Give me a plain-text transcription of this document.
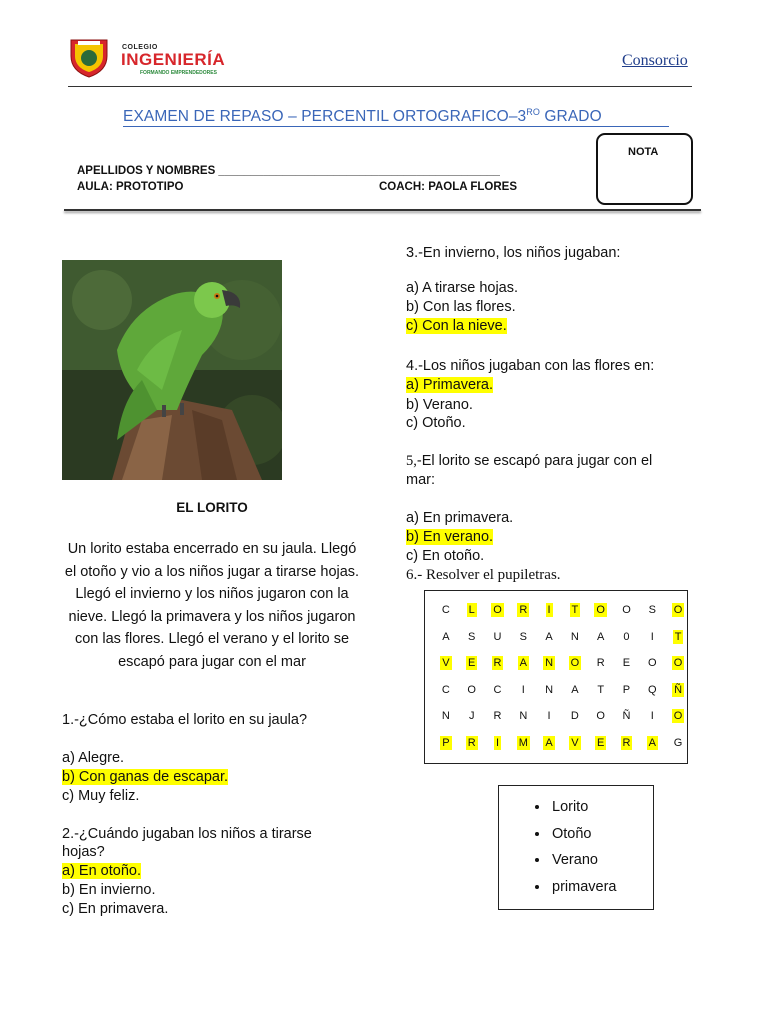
COLEGIO
INGENIERÍA
FORMANDO EMPRENDEDORES
Consorcio
EXAMEN DE REPASO – PERCENTIL ORTOGRAFICO–$3^{RO}$ GRADO
NOTA
APELLIDOS Y NOMBRES ____________________________________________
AULA: PROTOTIPO	COACH: PAOLA FLORES
EL LORITO
Un lorito estaba encerrado en su jaula. Llegó el otoño y vio a los niños jugar a tirarse hojas. Llegó el invierno y los niños jugaron con la nieve. Llegó la primavera y los niños jugaron con las flores. Llegó el verano y el lorito se escapó para jugar con el mar
1.-¿Cómo estaba el lorito en su jaula?
a) Alegre.
b) Con ganas de escapar.
c) Muy feliz.
2.-¿Cuándo jugaban los niños a tirarse
hojas?
a) En otoño.
b) En invierno.
c) En primavera.
3.-En invierno, los niños jugaban:
a) A tirarse hojas.
b) Con las flores.
c) Con la nieve.
4.-Los niños jugaban con las flores en:
a) Primavera.
b) Verano.
c) Otoño.
5,-El lorito se escapó para jugar con el
mar:
a) En primavera.
b) En verano.
c) En otoño.
6.- Resolver el pupiletras.
C	L	O	R	I	T	O	O	S	O
A	S	U	S	A	N	A	0	I	T
V	E	R	A	N	O	R	E	O	O
C	O	C	I	N	A	T	P	Q	Ñ
N	J	R	N	I	D	O	Ñ	I	O
P	R	I	M	A	V	E	R	A	G
• Lorito
• Otoño
• Verano
• primavera
